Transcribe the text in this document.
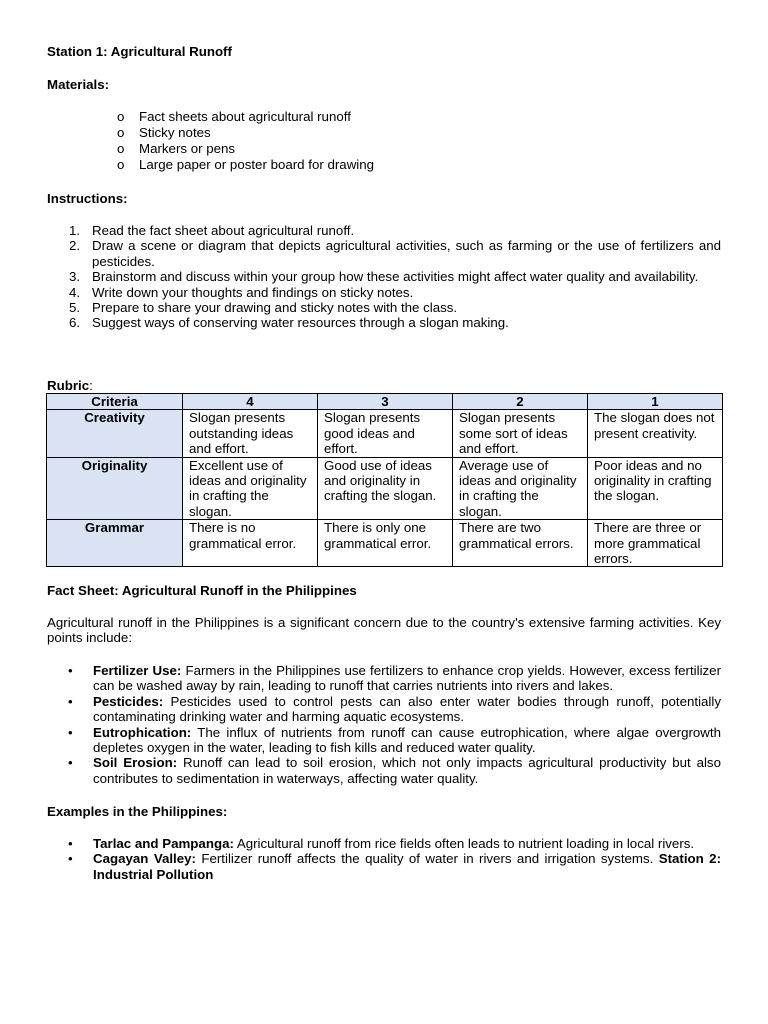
Station 1: Agricultural Runoff
Materials:
o	Fact sheets about agricultural runoff
o	Sticky notes
o	Markers or pens
o	Large paper or poster board for drawing
Instructions:
1. Read the fact sheet about agricultural runoff.
2. Draw a scene or diagram that depicts agricultural activities, such as farming or the use of fertilizers and pesticides.
3. Brainstorm and discuss within your group how these activities might affect water quality and availability.
4. Write down your thoughts and findings on sticky notes.
5. Prepare to share your drawing and sticky notes with the class.
6. Suggest ways of conserving water resources through a slogan making.
Rubric:
Criteria	4	3	2	1
Creativity	Slogan presents outstanding ideas and effort.	Slogan presents good ideas and effort.	Slogan presents some sort of ideas and effort.	The slogan does not present creativity.
Originality	Excellent use of ideas and originality in crafting the slogan.	Good use of ideas and originality in crafting the slogan.	Average use of ideas and originality in crafting the slogan.	Poor ideas and no originality in crafting the slogan.
Grammar	There is no grammatical error.	There is only one grammatical error.	There are two grammatical errors.	There are three or more grammatical errors.
Fact Sheet: Agricultural Runoff in the Philippines
Agricultural runoff in the Philippines is a significant concern due to the country's extensive farming activities. Key points include:
• Fertilizer Use: Farmers in the Philippines use fertilizers to enhance crop yields. However, excess fertilizer can be washed away by rain, leading to runoff that carries nutrients into rivers and lakes.
• Pesticides: Pesticides used to control pests can also enter water bodies through runoff, potentially contaminating drinking water and harming aquatic ecosystems.
• Eutrophication: The influx of nutrients from runoff can cause eutrophication, where algae overgrowth depletes oxygen in the water, leading to fish kills and reduced water quality.
• Soil Erosion: Runoff can lead to soil erosion, which not only impacts agricultural productivity but also contributes to sedimentation in waterways, affecting water quality.
Examples in the Philippines:
• Tarlac and Pampanga: Agricultural runoff from rice fields often leads to nutrient loading in local rivers.
• Cagayan Valley: Fertilizer runoff affects the quality of water in rivers and irrigation systems. Station 2: Industrial Pollution
